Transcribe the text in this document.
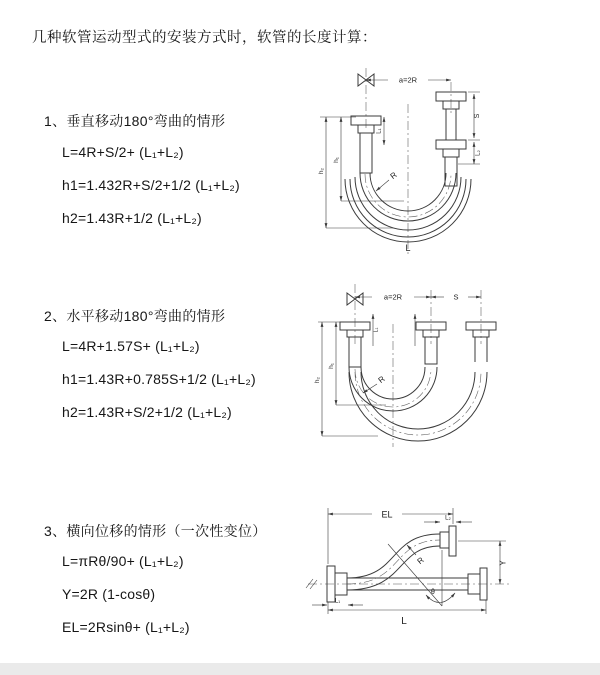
几种软管运动型式的安装方式时，软管的长度计算：
1、垂直移动180°弯曲的情形
L=4R+S/2+ (L₁+L₂)
h1=1.432R+S/2+1/2 (L₁+L₂)
h2=1.43R+1/2 (L₁+L₂)
2、水平移动180°弯曲的情形
L=4R+1.57S+ (L₁+L₂)
h1=1.43R+0.785S+1/2 (L₁+L₂)
h2=1.43R+S/2+1/2 (L₁+L₂)
3、横向位移的情形（一次性变位）
L=πRθ/90+ (L₁+L₂)
Y=2R (1-cosθ)
EL=2Rsinθ+ (L₁+L₂)
a=2R
S
L₂
h₁
h₂
L₁
R
L
a=2R	S
h₁
h₂
L₁
R
θ
R
EL	L₂
Y
L
L₁
